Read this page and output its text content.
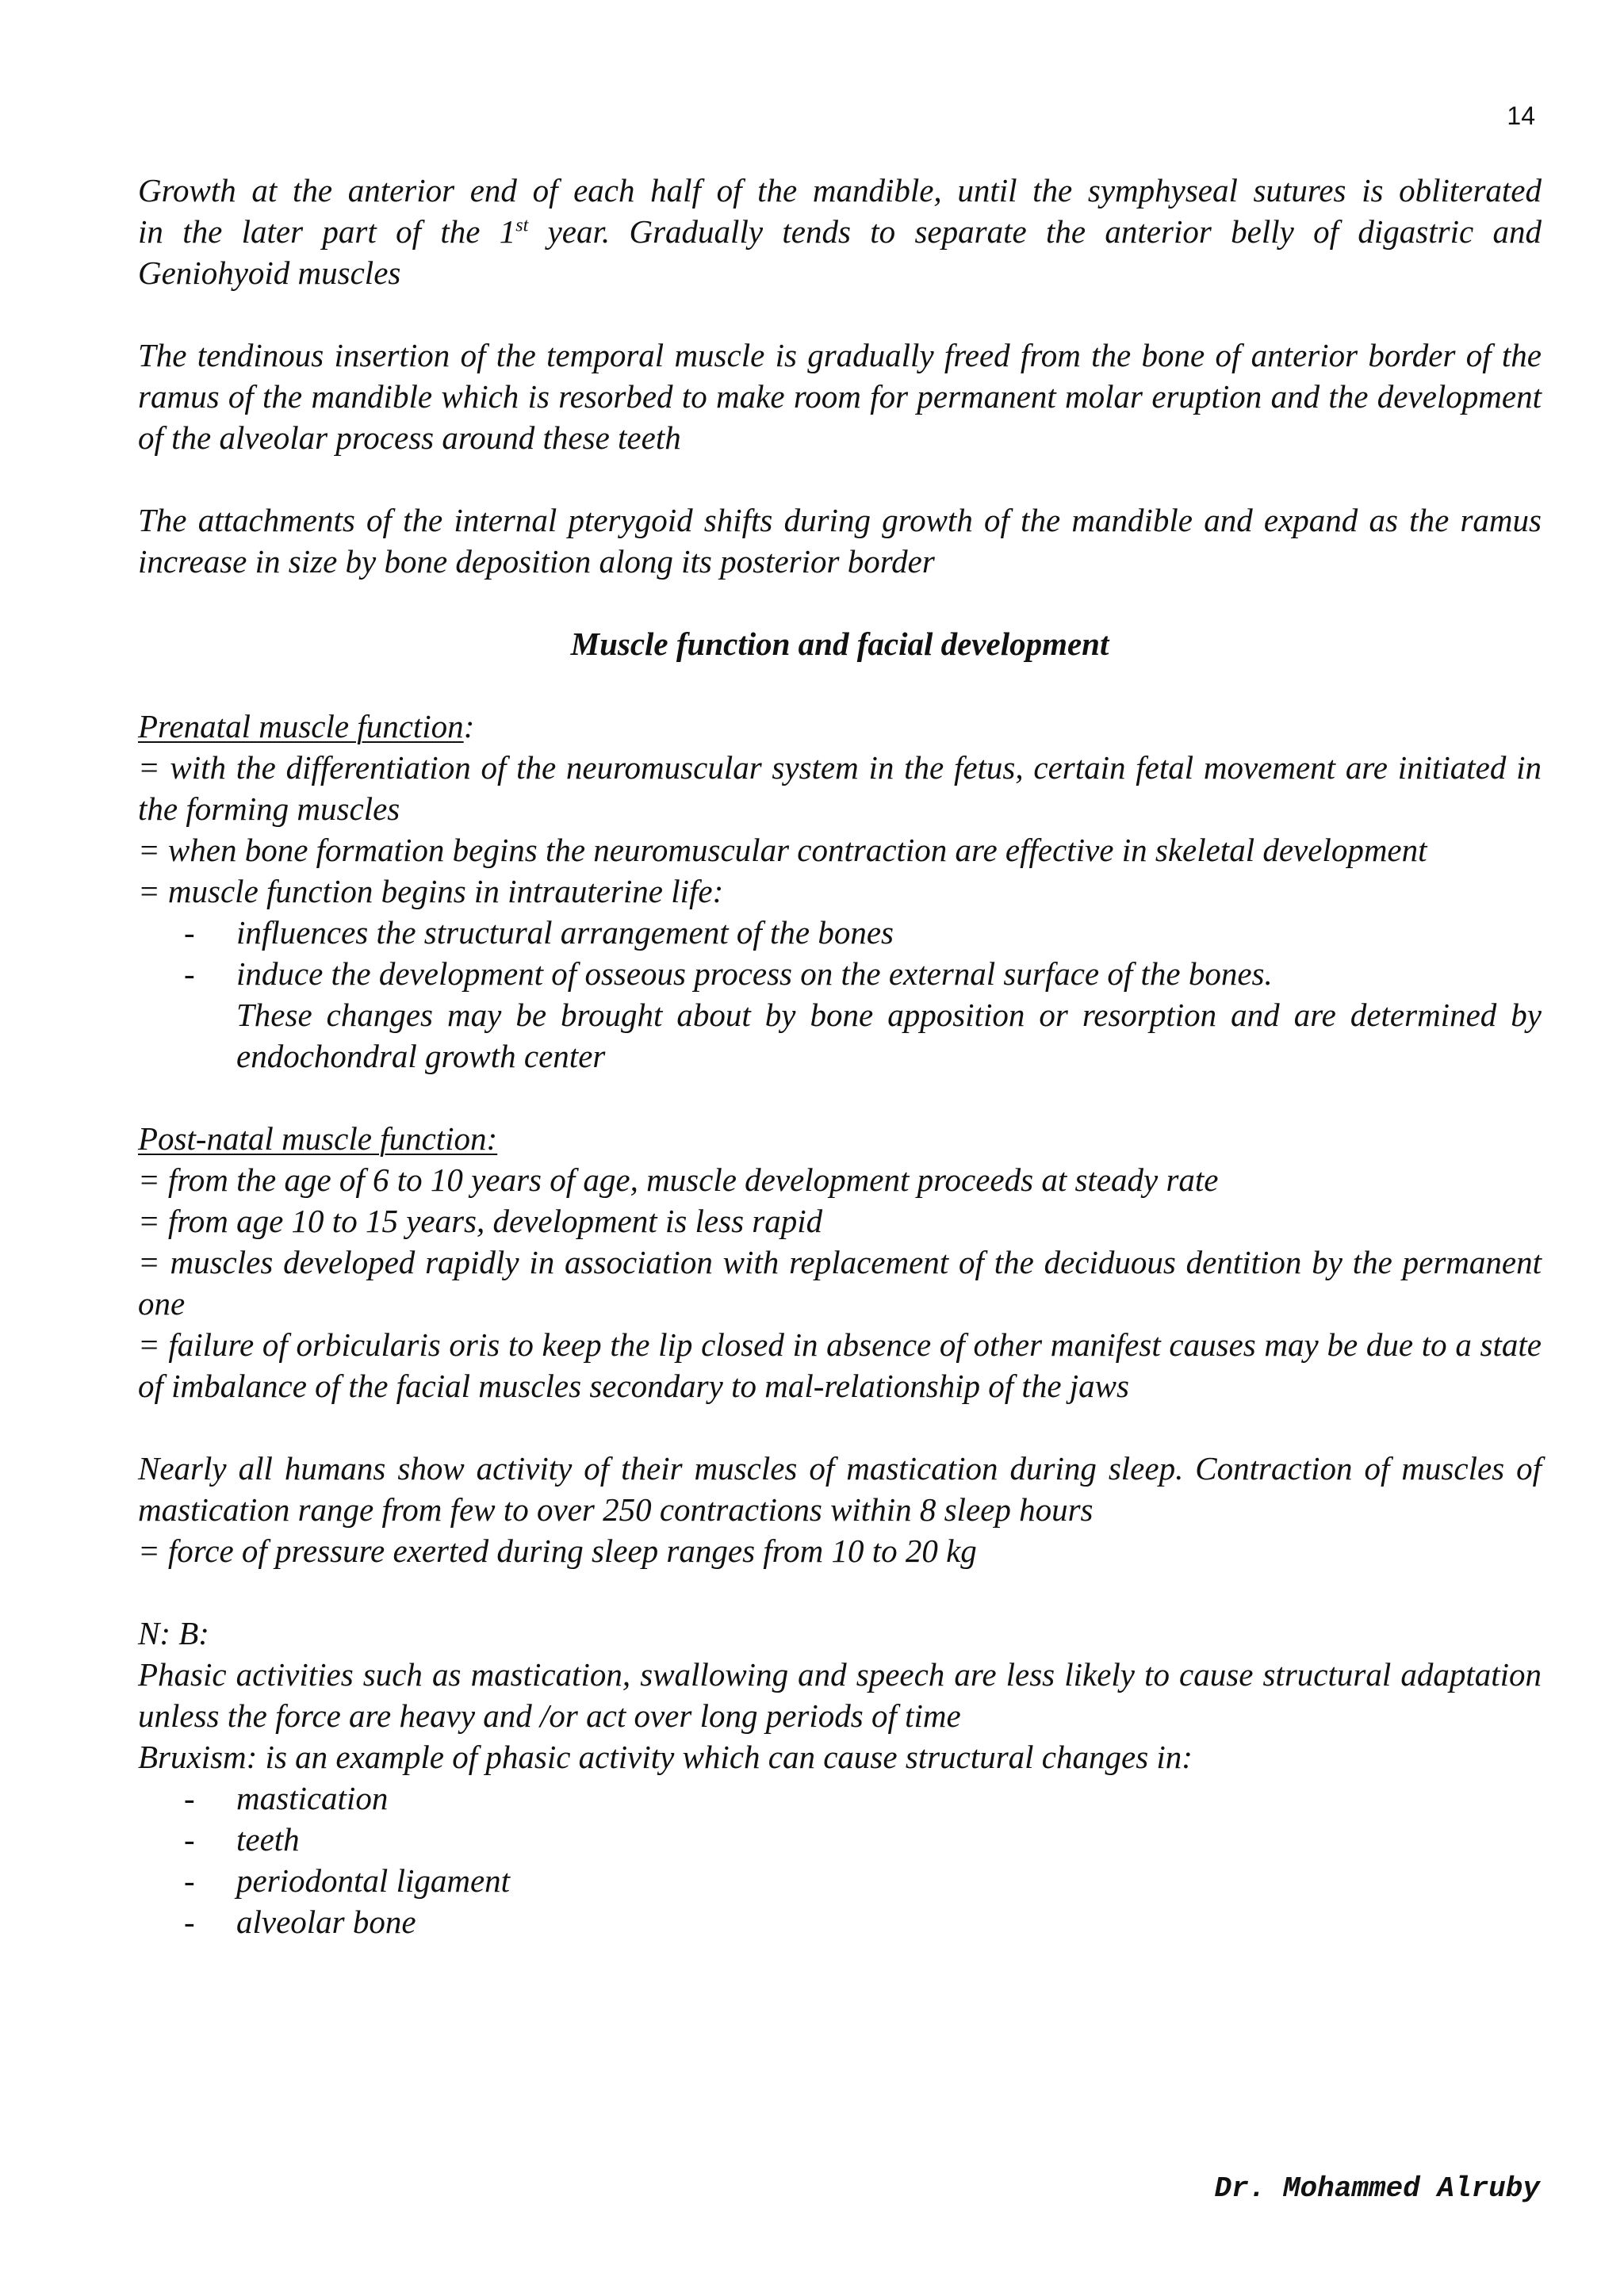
14
Growth at the anterior end of each half of the mandible, until the symphyseal sutures is obliterated
in the later part of the 1st year. Gradually tends to separate the anterior belly of digastric and
Geniohyoid muscles
The tendinous insertion of the temporal muscle is gradually freed from the bone of anterior border of the ramus of the mandible which is resorbed to make room for permanent molar eruption and the development of the alveolar process around these teeth
The attachments of the internal pterygoid shifts during growth of the mandible and expand as the ramus increase in size by bone deposition along its posterior border
Muscle function and facial development
Prenatal muscle function:
= with the differentiation of the neuromuscular system in the fetus, certain fetal movement are initiated in the forming muscles
= when bone formation begins the neuromuscular contraction are effective in skeletal development
= muscle function begins in intrauterine life:
- influences the structural arrangement of the bones
- induce the development of osseous process on the external surface of the bones.
These changes may be brought about by bone apposition or resorption and are determined by endochondral growth center
Post-natal muscle function:
= from the age of 6 to 10 years of age, muscle development proceeds at steady rate
= from age 10 to 15 years, development is less rapid
= muscles developed rapidly in association with replacement of the deciduous dentition by the permanent one
= failure of orbicularis oris to keep the lip closed in absence of other manifest causes may be due to a state of imbalance of the facial muscles secondary to mal-relationship of the jaws
Nearly all humans show activity of their muscles of mastication during sleep. Contraction of muscles of mastication range from few to over 250 contractions within 8 sleep hours
= force of pressure exerted during sleep ranges from 10 to 20 kg
N: B:
Phasic activities such as mastication, swallowing and speech are less likely to cause structural adaptation unless the force are heavy and /or act over long periods of time
Bruxism: is an example of phasic activity which can cause structural changes in:
- mastication
- teeth
- periodontal ligament
- alveolar bone
Dr. Mohammed Alruby
